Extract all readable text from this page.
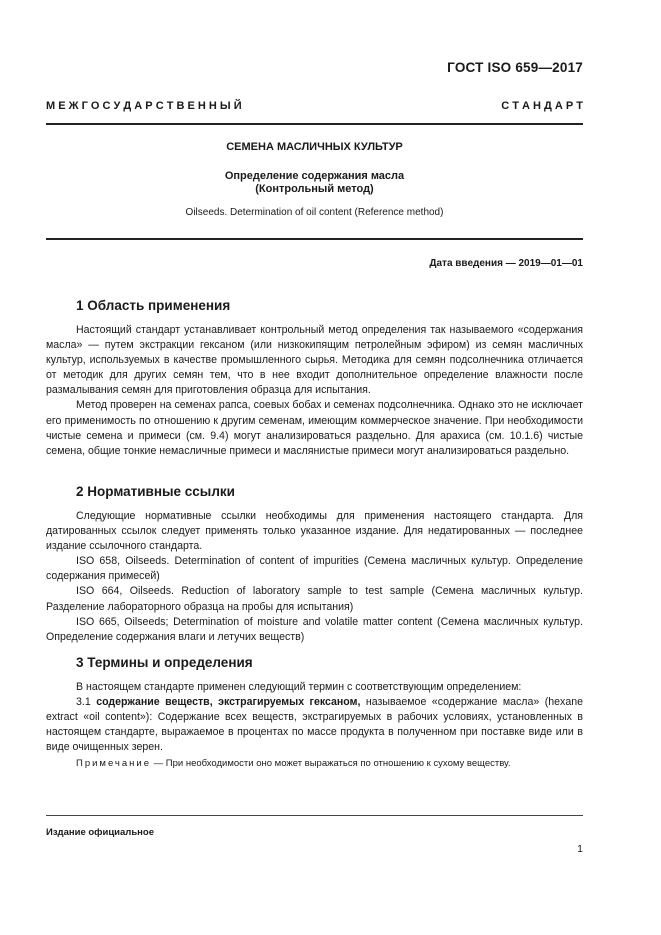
ГОСТ ISO 659—2017
М Е Ж Г О С У Д А Р С Т В Е Н Н Ы Й	С Т А Н Д А Р Т
СЕМЕНА МАСЛИЧНЫХ КУЛЬТУР
Определение содержания масла
(Контрольный метод)
Oilseeds. Determination of oil content (Reference method)
Дата введения — 2019—01—01
1 Область применения

Настоящий стандарт устанавливает контрольный метод определения так называемого «содержания масла» — путем экстракции гексаном (или низкокипящим петролейным эфиром) из семян масличных культур, используемых в качестве промышленного сырья. Методика для семян подсолнечника отличается от методик для других семян тем, что в нее входит дополнительное определение влажности после размалывания семян для приготовления образца для испытания.

Метод проверен на семенах рапса, соевых бобах и семенах подсолнечника. Однако это не исключает его применимость по отношению к другим семенам, имеющим коммерческое значение. При необходимости чистые семена и примеси (см. 9.4) могут анализироваться раздельно. Для арахиса (см. 10.1.6) чистые семена, общие тонкие немасличные примеси и маслянистые примеси могут анализироваться раздельно.

2 Нормативные ссылки

Следующие нормативные ссылки необходимы для применения настоящего стандарта. Для датированных ссылок следует применять только указанное издание. Для недатированных — последнее издание ссылочного стандарта.

ISO 658, Oilseeds. Determination of content of impurities (Семена масличных культур. Определение содержания примесей)

ISO 664, Oilseeds. Reduction of laboratory sample to test sample (Семена масличных культур. Разделение лабораторного образца на пробы для испытания)

ISO 665, Oilseeds; Determination of moisture and volatile matter content (Семена масличных культур. Определение содержания влаги и летучих веществ)

3 Термины и определения

В настоящем стандарте применен следующий термин с соответствующим определением:

3.1 содержание веществ, экстрагируемых гексаном, называемое «содержание масла» (hexane extract «oil content»): Содержание всех веществ, экстрагируемых в рабочих условиях, установленных в настоящем стандарте, выражаемое в процентах по массе продукта в полученном при поставке виде или в виде очищенных зерен.

Примечание — При необходимости оно может выражаться по отношению к сухому веществу.
Издание официальное
1
